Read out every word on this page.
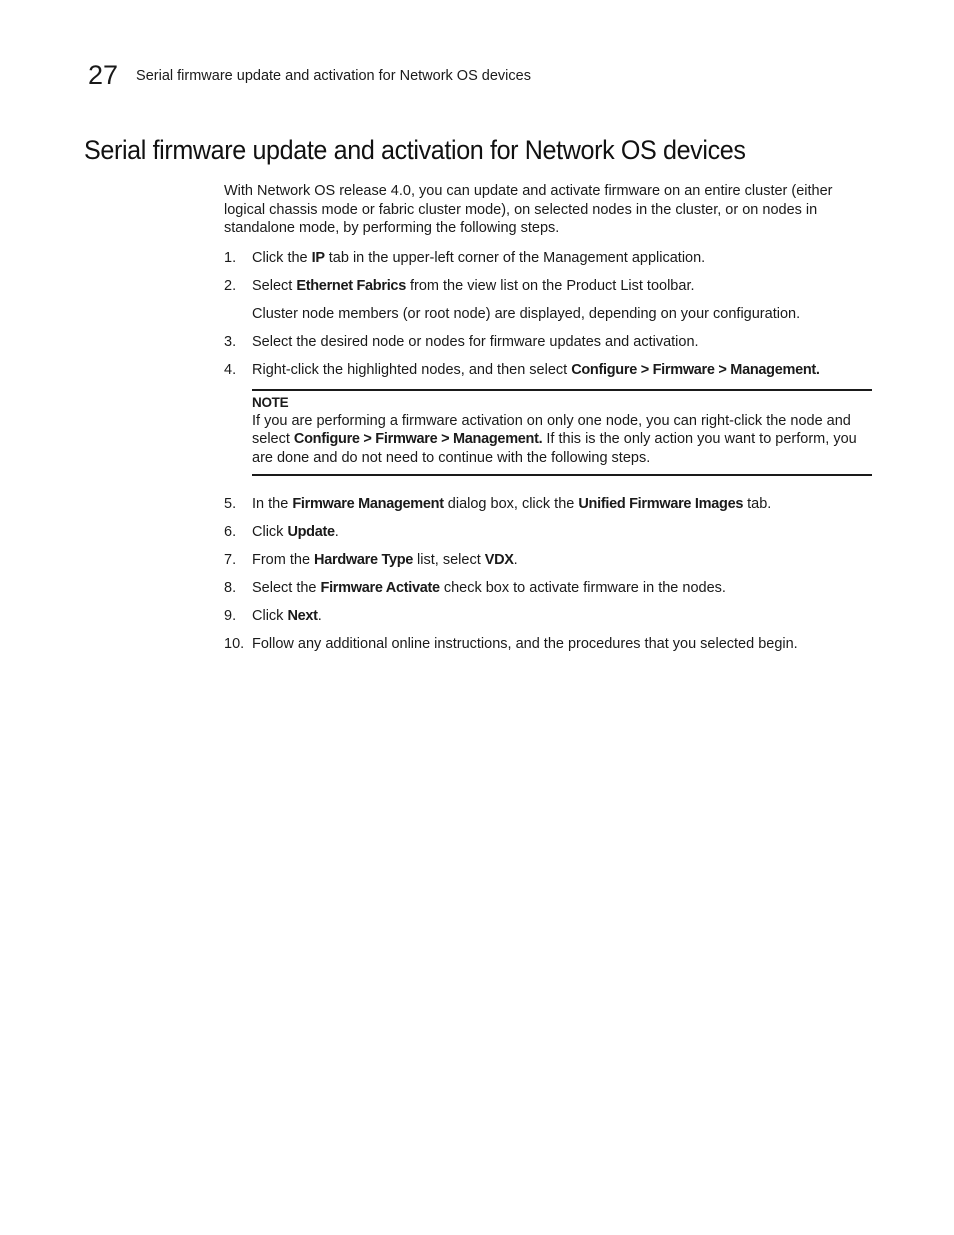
27 Serial firmware update and activation for Network OS devices
Serial firmware update and activation for Network OS devices

With Network OS release 4.0, you can update and activate firmware on an entire cluster (either logical chassis mode or fabric cluster mode), on selected nodes in the cluster, or on nodes in standalone mode, by performing the following steps.

1.	Click the IP tab in the upper-left corner of the Management application.
2.	Select Ethernet Fabrics from the view list on the Product List toolbar.

Cluster node members (or root node) are displayed, depending on your configuration.

3.	Select the desired node or nodes for firmware updates and activation.
4.	Right-click the highlighted nodes, and then select Configure > Firmware > Management.
NOTE

If you are performing a firmware activation on only one node, you can right-click the node and select Configure > Firmware > Management. If this is the only action you want to perform, you are done and do not need to continue with the following steps.

5.	In the Firmware Management dialog box, click the Unified Firmware Images tab.
6.	Click Update.
7.	From the Hardware Type list, select VDX.
8.	Select the Firmware Activate check box to activate firmware in the nodes.
9.	Click Next.
10. Follow any additional online instructions, and the procedures that you selected begin.
